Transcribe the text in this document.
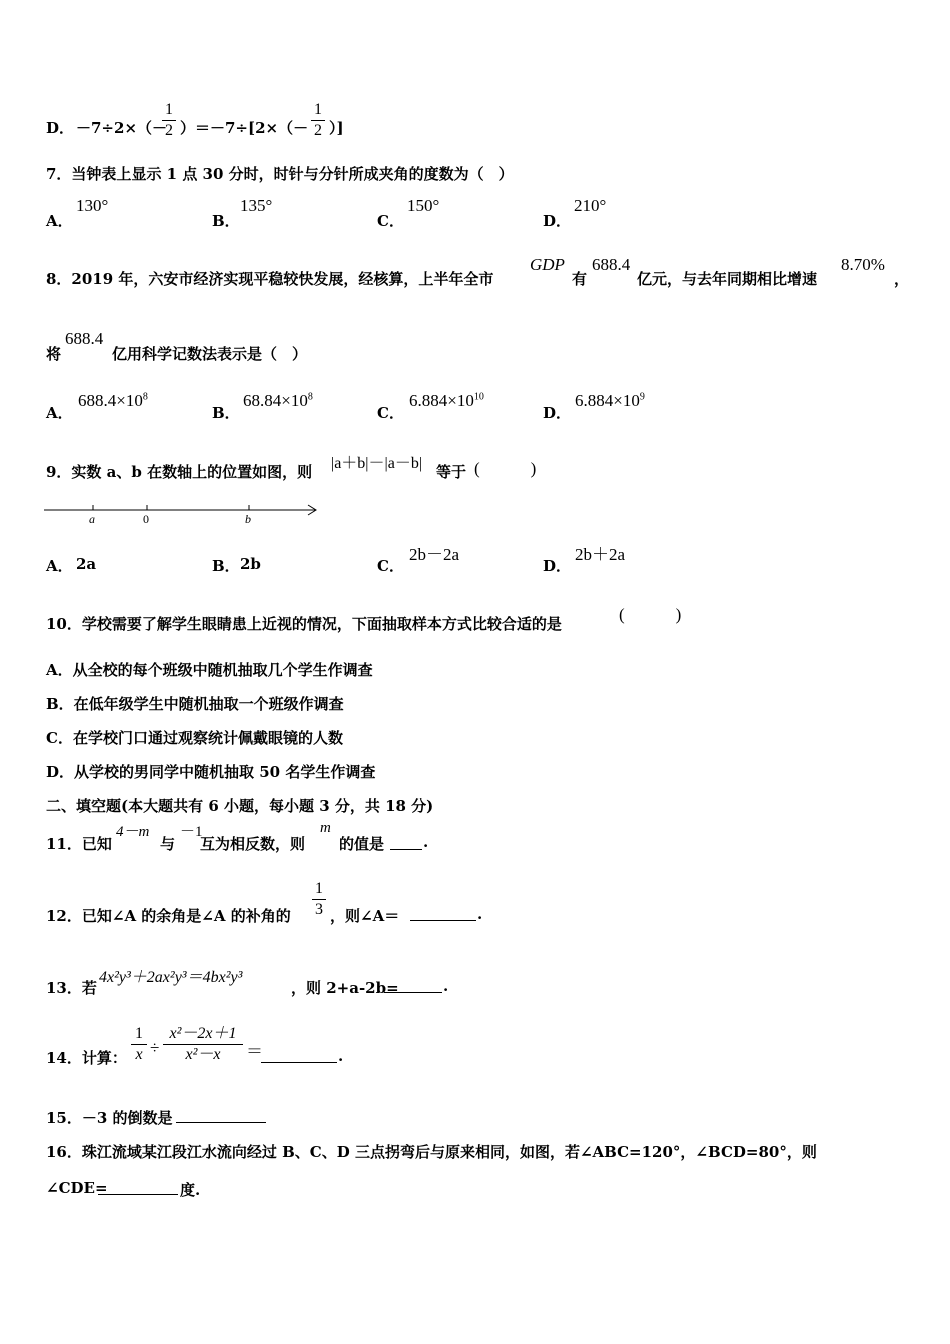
D． －7÷2×（－
1
2 ）＝－7÷[2×（－
1
2 ）]
7．当钟表上显示 1 点 30 分时，时针与分针所成夹角的度数为（　）
A．
130°
B．
135°
C．
150°
D．
210°
8．2019 年，六安市经济实现平稳较快发展，经核算，上半年全市
GDP
有
688.4
亿元，与去年同期相比增速
8.70%
，
将
688.4
亿用科学记数法表示是（　）
A．
$688.4\times 10^8$
B．
$68.84\times 10^8$
C．
$6.884\times 10^{10}$
D．
$6.884\times 10^9$
9．实数 a、b 在数轴上的位置如图，则 |a＋b|－|a－b| 等于 (　　　)
a	0	b
A． 2a	B． 2b	C．
2b－2a
D．
2b＋2a
10．学校需要了解学生眼睛患上近视的情况，下面抽取样本方式比较合适的是	(　　　)
A．从全校的每个班级中随机抽取几个学生作调查
B．在低年级学生中随机抽取一个班级作调查
C．在学校门口通过观察统计佩戴眼镜的人数
D．从学校的男同学中随机抽取 50 名学生作调查
二、填空题(本大题共有 6 小题，每小题 3 分，共 18 分)
11．已知
4－m
与
－1
互为相反数，则
m
的值是	.
12．已知∠A 的余角是∠A 的补角的
1
3 ，则∠A＝	.
13．若
4x²y³＋2ax²y³＝4bx²y³
，则 2+a-2b=	.
14．计算：
1
x ÷
x²－2x＋1
x²－x	＝	.
15．－3 的倒数是
16．珠江流域某江段江水流向经过 B、C、D 三点拐弯后与原来相同，如图，若∠ABC=120°，∠BCD=80°，则
∠CDE=	度.
